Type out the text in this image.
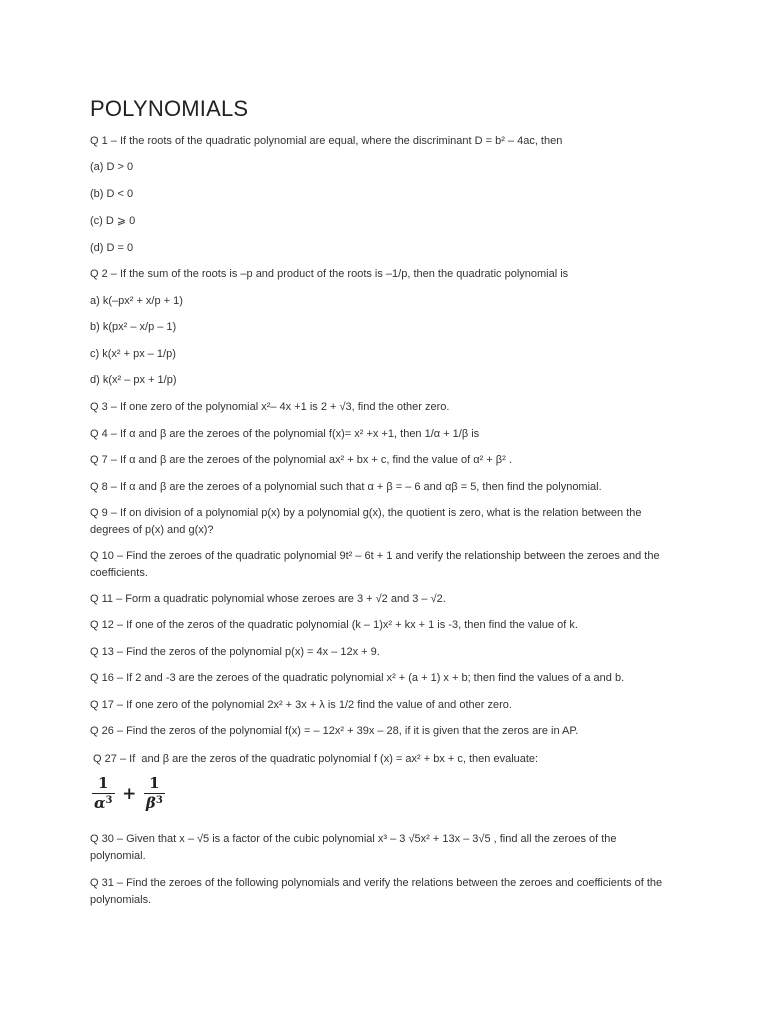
POLYNOMIALS
Q 1 – If the roots of the quadratic polynomial are equal, where the discriminant D = b² – 4ac, then
(a) D > 0
(b) D < 0
(c) D ⩾ 0
(d) D = 0
Q 2 – If the sum of the roots is –p and product of the roots is –1/p, then the quadratic polynomial is
a) k(–px² + x/p + 1)
b) k(px² – x/p – 1)
c) k(x² + px – 1/p)
d) k(x² – px + 1/p)
Q 3 – If one zero of the polynomial x²– 4x +1 is 2 + √3, find the other zero.
Q 4 – If α and β are the zeroes of the polynomial f(x)= x² +x +1, then 1/α + 1/β is
Q 7 – If α and β are the zeroes of the polynomial ax² + bx + c, find the value of α² + β² .
Q 8 – If α and β are the zeroes of a polynomial such that α + β = – 6 and αβ = 5, then find the polynomial.
Q 9 – If on division of a polynomial p(x) by a polynomial g(x), the quotient is zero, what is the relation between the degrees of p(x) and g(x)?
Q 10 – Find the zeroes of the quadratic polynomial 9t² – 6t + 1 and verify the relationship between the zeroes and the coefficients.
Q 11 – Form a quadratic polynomial whose zeroes are 3 + √2 and 3 – √2.
Q 12 – If one of the zeros of the quadratic polynomial (k – 1)x² + kx + 1 is -3, then find the value of k.
Q 13 – Find the zeros of the polynomial p(x) = 4x – 12x + 9.
Q 16 – If 2 and -3 are the zeroes of the quadratic polynomial x² + (a + 1) x + b; then find the values of a and b.
Q 17 – If one zero of the polynomial 2x² + 3x + λ is 1/2 find the value of and other zero.
Q 26 – Find the zeros of the polynomial f(x) = – 12x² + 39x – 28, if it is given that the zeros are in AP.
Q 27 – If  and β are the zeros of the quadratic polynomial f (x) = ax² + bx + c, then evaluate:
$\frac{1}{\alpha^3} + \frac{1}{\beta^3}$
Q 30 – Given that x – √5 is a factor of the cubic polynomial x³ – 3 √5x² + 13x – 3√5 , find all the zeroes of the polynomial.
Q 31 – Find the zeroes of the following polynomials and verify the relations between the zeroes and coefficients of the polynomials.
